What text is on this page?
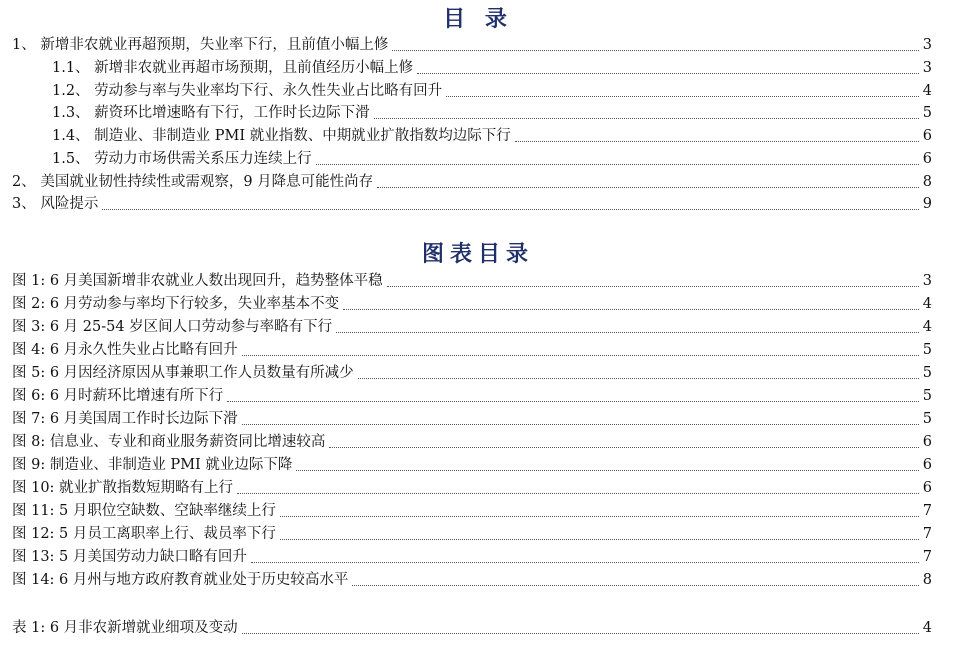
目 录
1、 新增非农就业再超预期，失业率下行，且前值小幅上修	3
1.1、 新增非农就业再超市场预期，且前值经历小幅上修	3
1.2、 劳动参与率与失业率均下行、永久性失业占比略有回升	4
1.3、 薪资环比增速略有下行，工作时长边际下滑	5
1.4、 制造业、非制造业 PMI 就业指数、中期就业扩散指数均边际下行	6
1.5、 劳动力市场供需关系压力连续上行	6
2、 美国就业韧性持续性或需观察，9 月降息可能性尚存	8
3、 风险提示	9
图表目录
图 1: 6 月美国新增非农就业人数出现回升，趋势整体平稳	3
图 2: 6 月劳动参与率均下行较多，失业率基本不变	4
图 3: 6 月 25-54 岁区间人口劳动参与率略有下行	4
图 4: 6 月永久性失业占比略有回升	5
图 5: 6 月因经济原因从事兼职工作人员数量有所减少	5
图 6: 6 月时薪环比增速有所下行	5
图 7: 6 月美国周工作时长边际下滑	5
图 8: 信息业、专业和商业服务薪资同比增速较高	6
图 9: 制造业、非制造业 PMI 就业边际下降	6
图 10: 就业扩散指数短期略有上行	6
图 11: 5 月职位空缺数、空缺率继续上行	7
图 12: 5 月员工离职率上行、裁员率下行	7
图 13: 5 月美国劳动力缺口略有回升	7
图 14: 6 月州与地方政府教育就业处于历史较高水平	8
表 1: 6 月非农新增就业细项及变动	4
